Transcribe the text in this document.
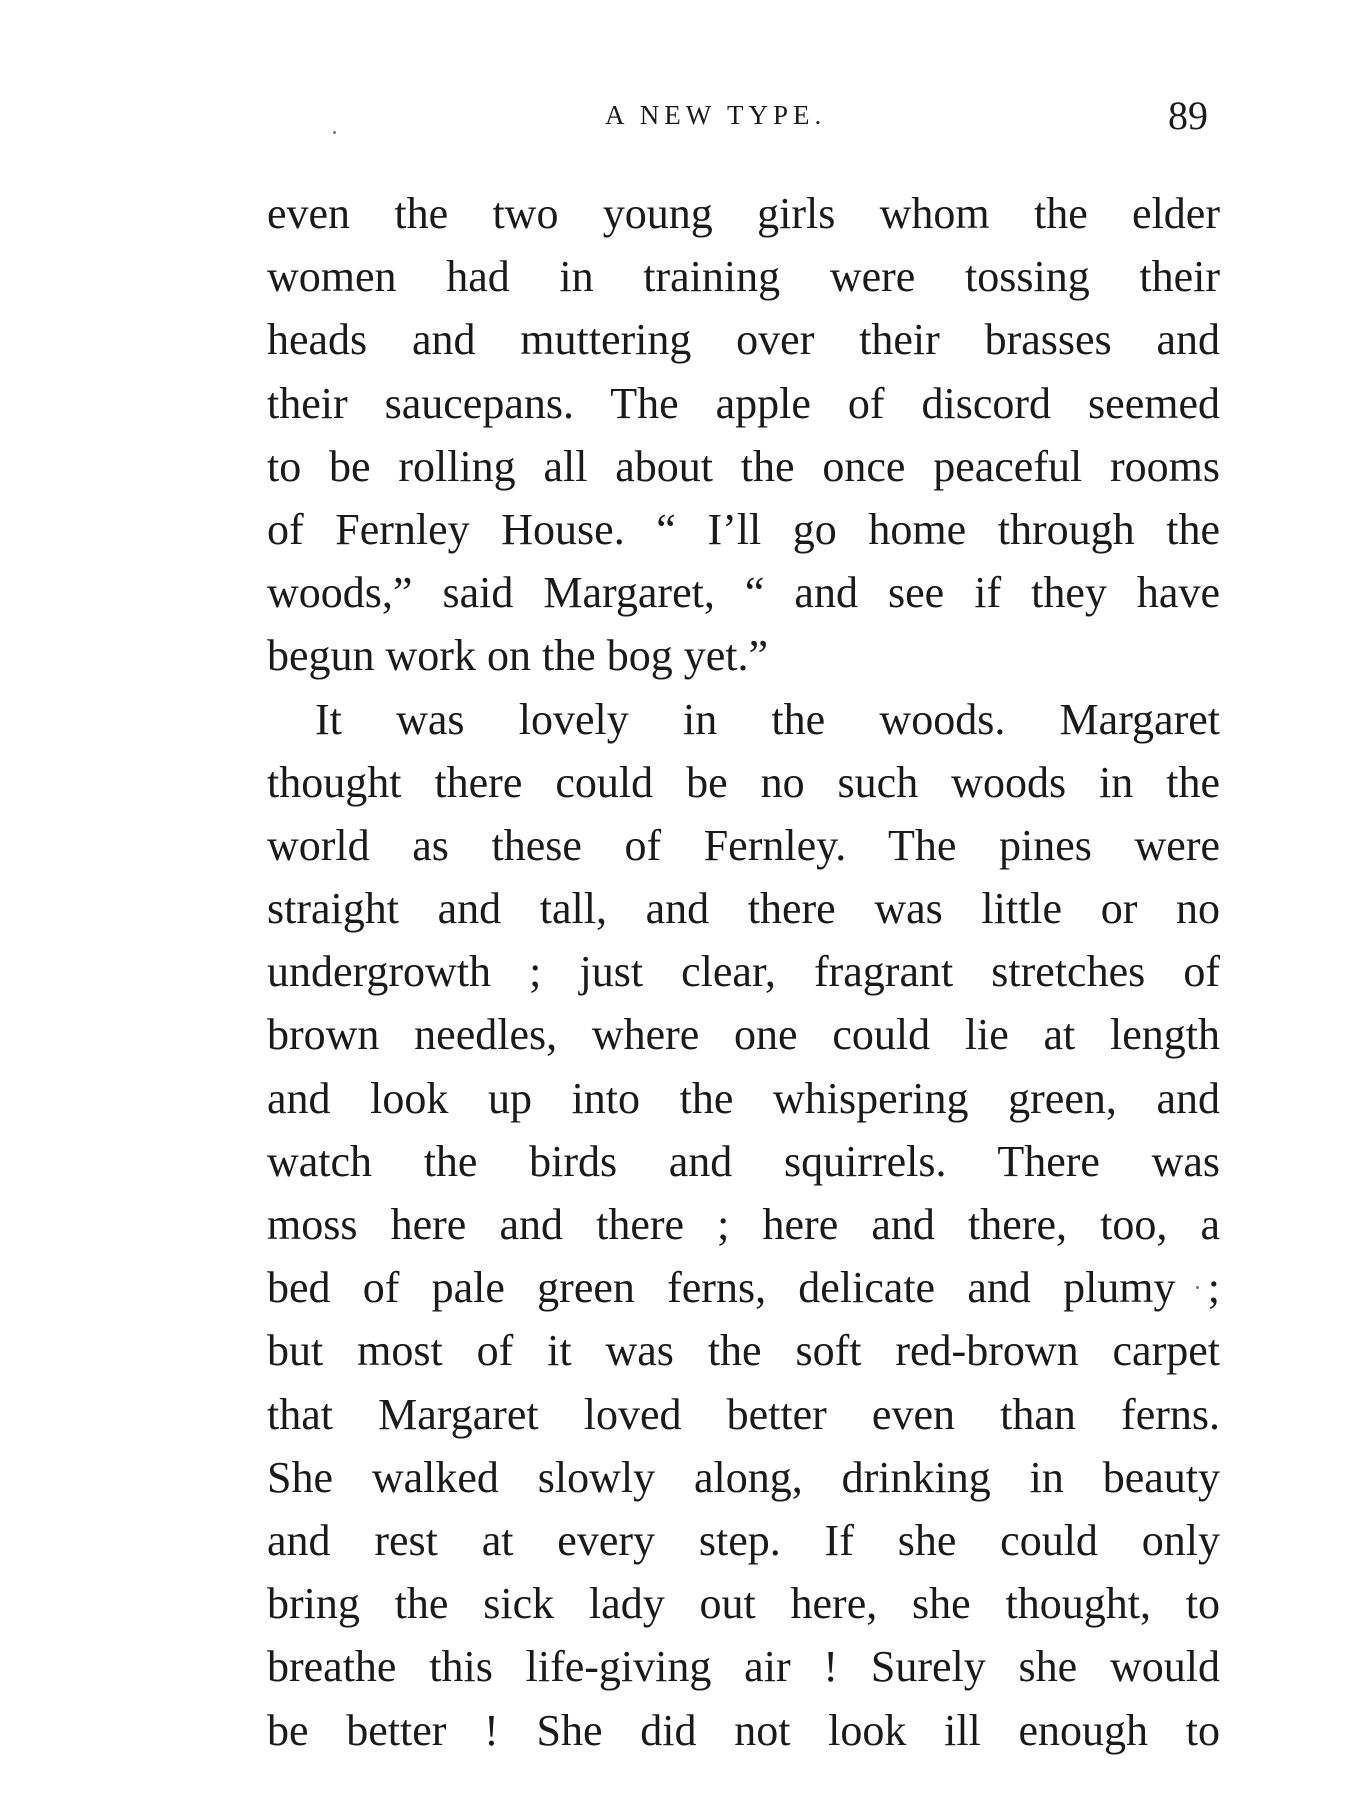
A NEW TYPE.	89
even the two young girls whom the elder
women had in training were tossing their
heads and muttering over their brasses and
their saucepans. The apple of discord seemed
to be rolling all about the once peaceful rooms
of Fernley House. “ I’ll go home through the
woods,” said Margaret, “ and see if they have
begun work on the bog yet.”
It was lovely in the woods. Margaret
thought there could be no such woods in the
world as these of Fernley. The pines were
straight and tall, and there was little or no
undergrowth ; just clear, fragrant stretches of
brown needles, where one could lie at length
and look up into the whispering green, and
watch the birds and squirrels. There was
moss here and there ; here and there, too, a
bed of pale green ferns, delicate and plumy ;
but most of it was the soft red-brown carpet
that Margaret loved better even than ferns.
She walked slowly along, drinking in beauty
and rest at every step. If she could only
bring the sick lady out here, she thought, to
breathe this life-giving air ! Surely she would
be better ! She did not look ill enough to
